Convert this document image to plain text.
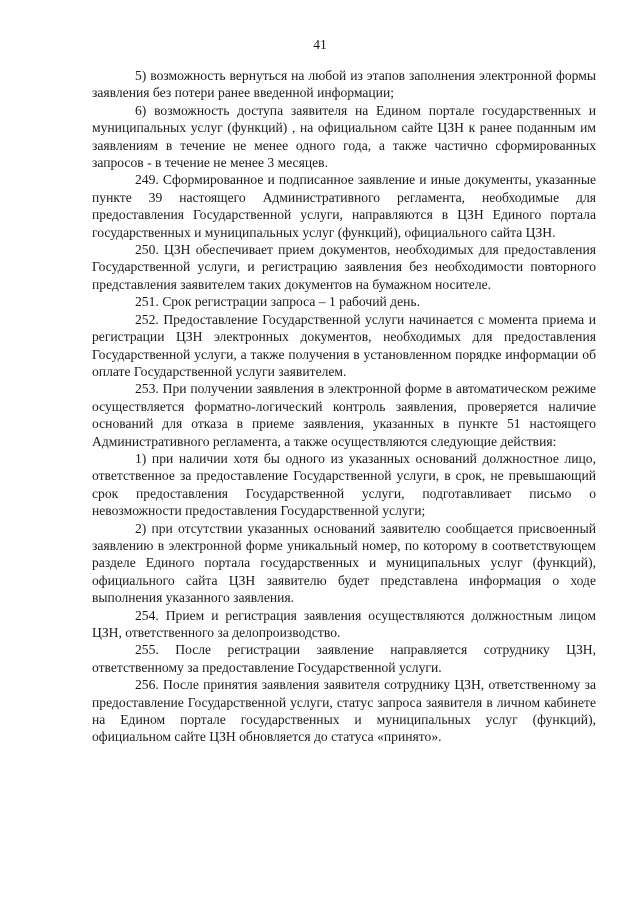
41

5) возможность вернуться на любой из этапов заполнения электронной формы заявления без потери ранее введенной информации;

6) возможность доступа заявителя на Едином портале государственных и муниципальных услуг (функций) , на официальном сайте ЦЗН к ранее поданным им заявлениям в течение не менее одного года, а также частично сформированных запросов - в течение не менее 3 месяцев.

249. Сформированное и подписанное заявление и иные документы, указанные пункте 39 настоящего Административного регламента, необходимые для предоставления Государственной услуги, направляются в ЦЗН Единого портала государственных и муниципальных услуг (функций), официального сайта ЦЗН.

250. ЦЗН обеспечивает прием документов, необходимых для предоставления Государственной услуги, и регистрацию заявления без необходимости повторного представления заявителем таких документов на бумажном носителе.

251. Срок регистрации запроса – 1 рабочий день.

252. Предоставление Государственной услуги начинается с момента приема и регистрации ЦЗН электронных документов, необходимых для предоставления Государственной услуги, а также получения в установленном порядке информации об оплате Государственной услуги заявителем.

253. При получении заявления в электронной форме в автоматическом режиме осуществляется форматно-логический контроль заявления, проверяется наличие оснований для отказа в приеме заявления, указанных в пункте 51 настоящего Административного регламента, а также осуществляются следующие действия:

1) при наличии хотя бы одного из указанных оснований должностное лицо, ответственное за предоставление Государственной услуги, в срок, не превышающий срок предоставления Государственной услуги, подготавливает письмо о невозможности предоставления Государственной услуги;

2) при отсутствии указанных оснований заявителю сообщается присвоенный заявлению в электронной форме уникальный номер, по которому в соответствующем разделе Единого портала государственных и муниципальных услуг (функций), официального сайта ЦЗН заявителю будет представлена информация о ходе выполнения указанного заявления.

254. Прием и регистрация заявления осуществляются должностным лицом ЦЗН, ответственного за делопроизводство.

255. После регистрации заявление направляется сотруднику ЦЗН, ответственному за предоставление Государственной услуги.

256. После принятия заявления заявителя сотруднику ЦЗН, ответственному за предоставление Государственной услуги, статус запроса заявителя в личном кабинете на Едином портале государственных и муниципальных услуг (функций), официальном сайте ЦЗН обновляется до статуса «принято».
